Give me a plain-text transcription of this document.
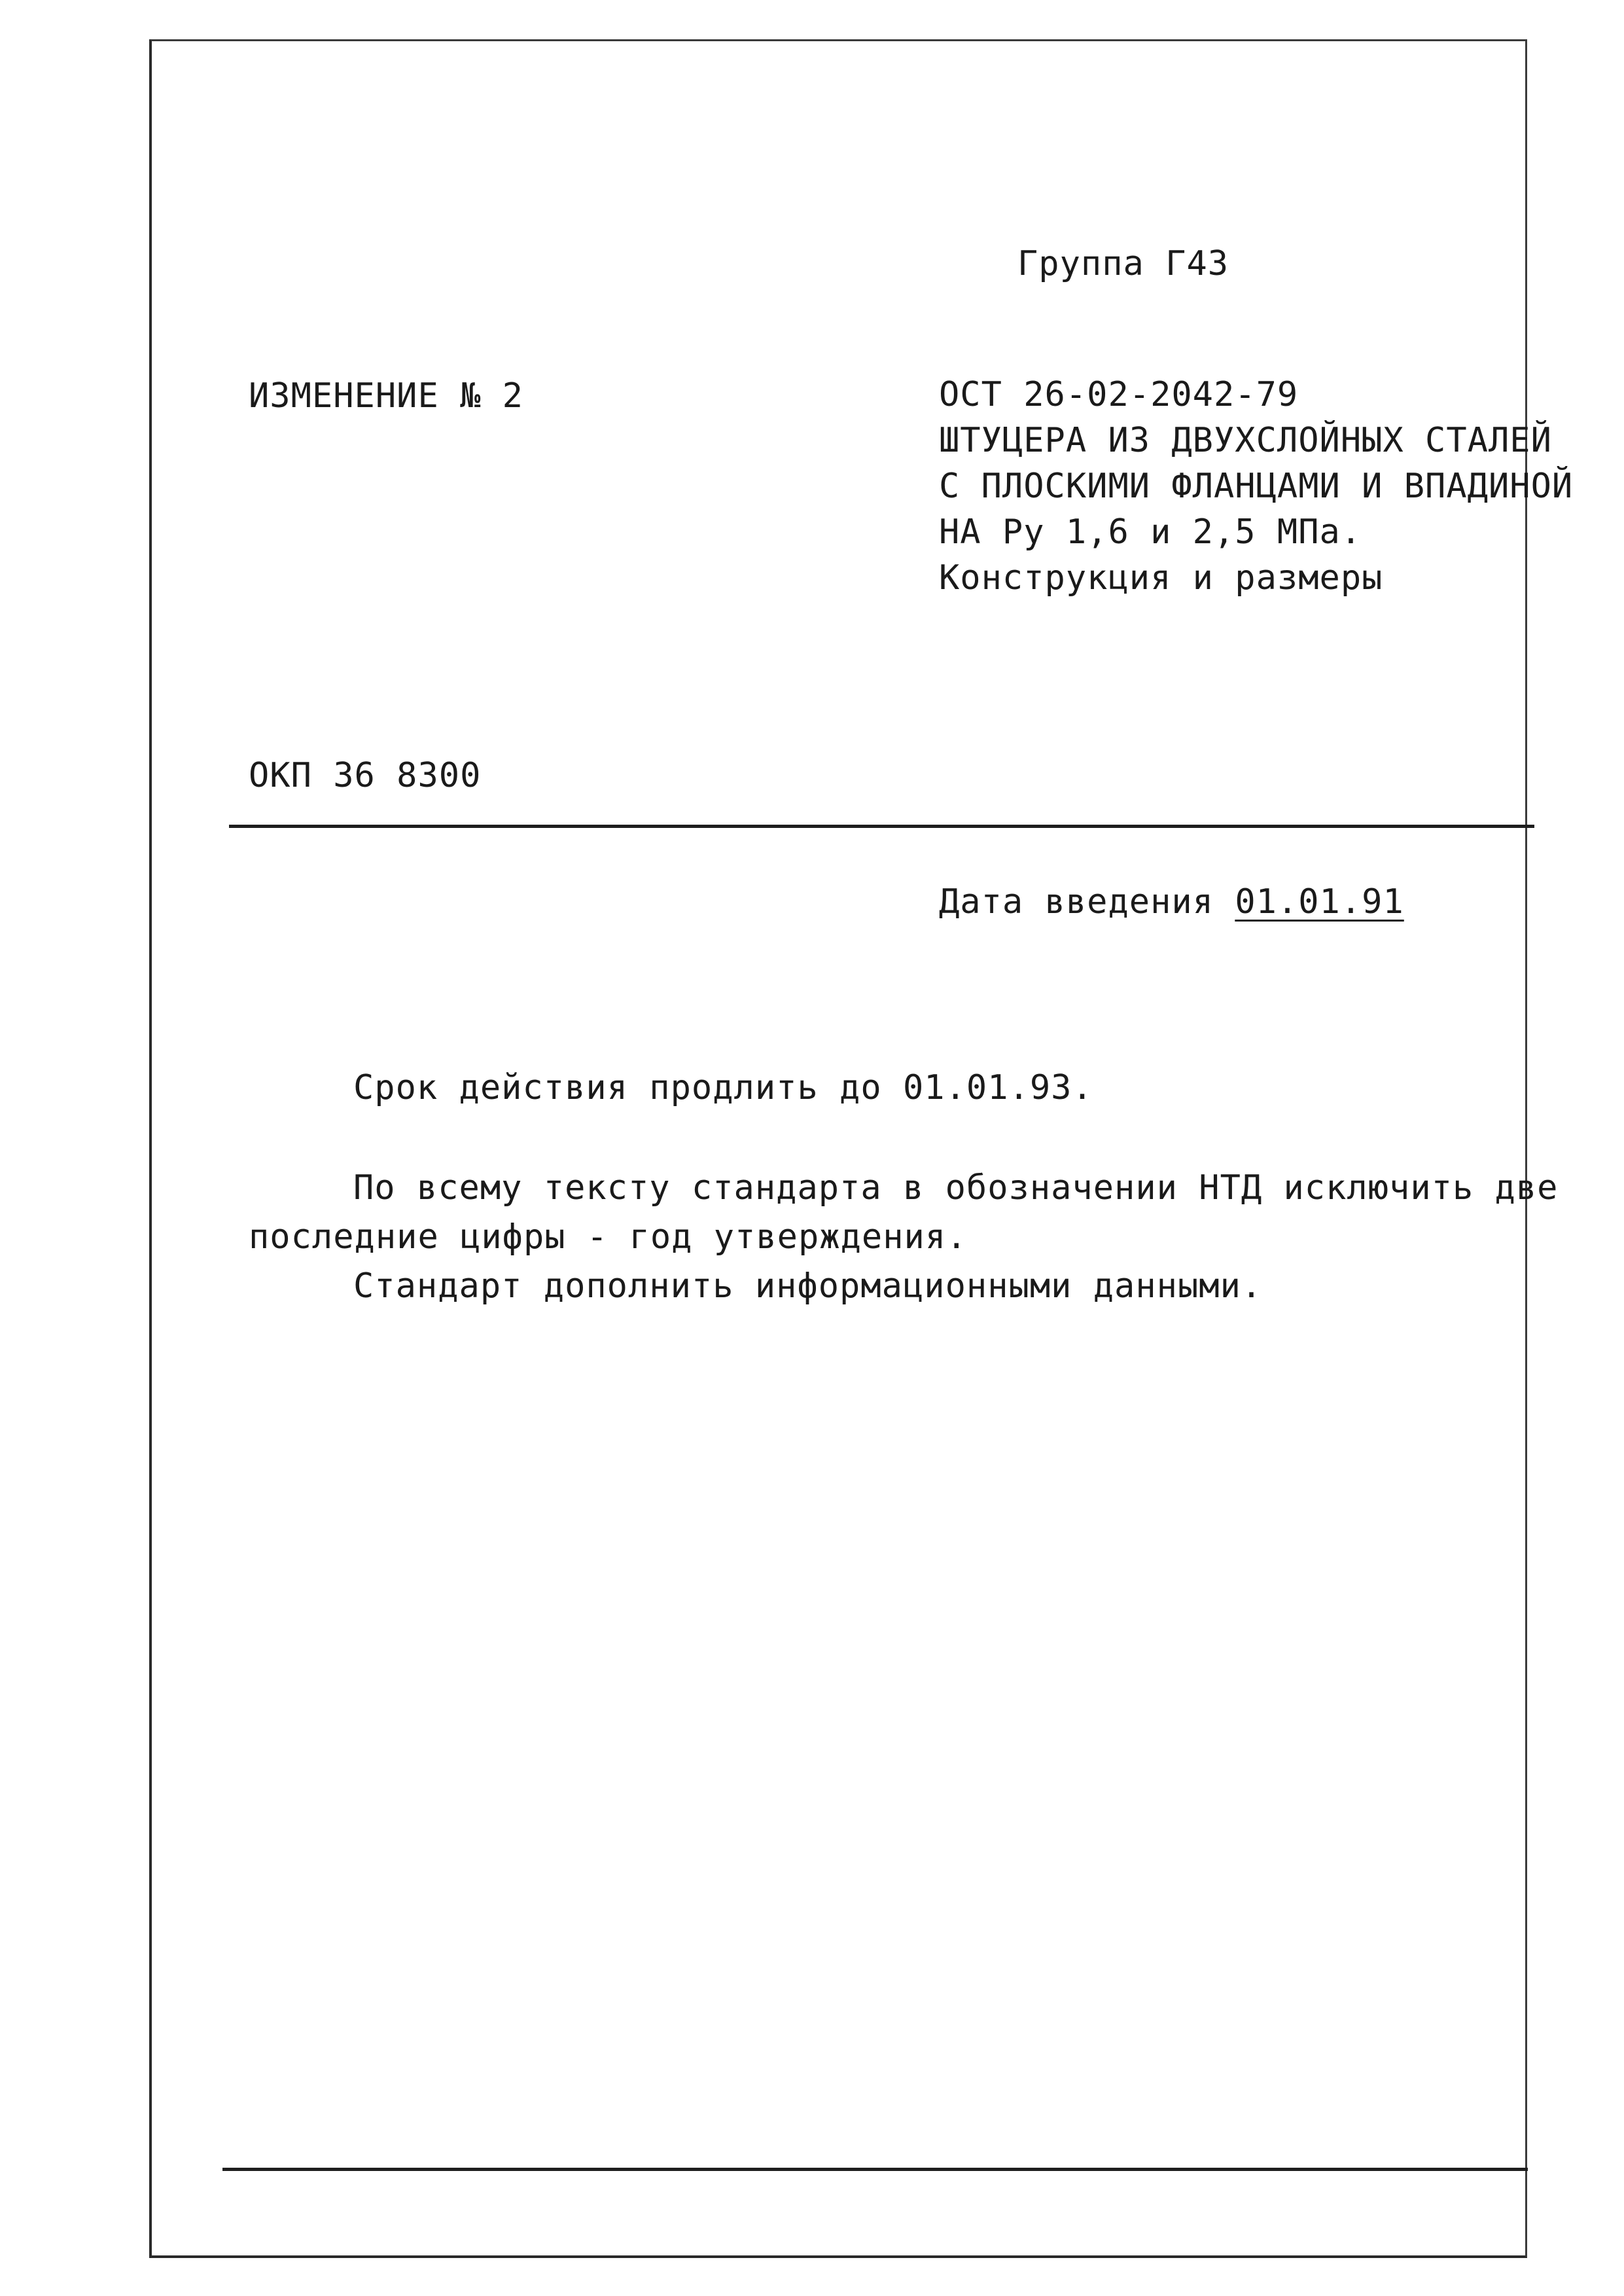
Группа Г43
ИЗМЕНЕНИЕ № 2	ОСТ 26-02-2042-79
ШТУЦЕРА ИЗ ДВУХСЛОЙНЫХ СТАЛЕЙ
С ПЛОСКИМИ ФЛАНЦАМИ И ВПАДИНОЙ
НА Ру 1,6 и 2,5 МПа.
Конструкция и размеры
ОКП 36 8300
Дата введения 01.01.91
Срок действия продлить до 01.01.93.
По всему тексту стандарта в обозначении НТД исключить две
последние цифры - год утверждения.
Стандарт дополнить информационными данными.
